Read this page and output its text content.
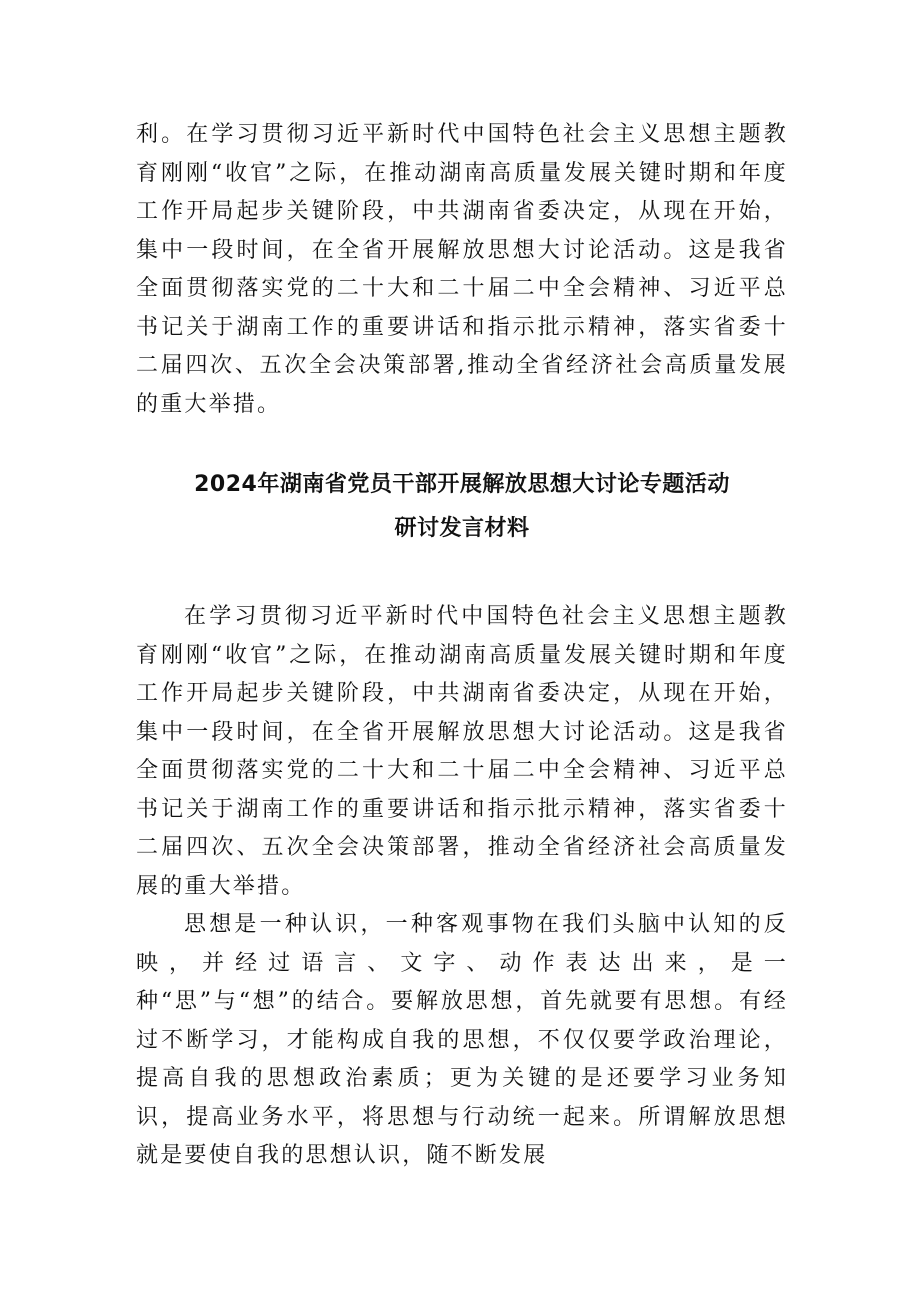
利。在学习贯彻习近平新时代中国特色社会主义思想主题教育刚刚“收官”之际，在推动湖南高质量发展关键时期和年度工作开局起步关键阶段，中共湖南省委决定，从现在开始，集中一段时间，在全省开展解放思想大讨论活动。这是我省全面贯彻落实党的二十大和二十届二中全会精神、习近平总书记关于湖南工作的重要讲话和指示批示精神，落实省委十二届四次、五次全会决策部署,推动全省经济社会高质量发展的重大举措。

2024年湖南省党员干部开展解放思想大讨论专题活动
研讨发言材料

在学习贯彻习近平新时代中国特色社会主义思想主题教育刚刚“收官”之际，在推动湖南高质量发展关键时期和年度工作开局起步关键阶段，中共湖南省委决定，从现在开始，集中一段时间，在全省开展解放思想大讨论活动。这是我省全面贯彻落实党的二十大和二十届二中全会精神、习近平总书记关于湖南工作的重要讲话和指示批示精神，落实省委十二届四次、五次全会决策部署，推动全省经济社会高质量发展的重大举措。

思想是一种认识，一种客观事物在我们头脑中认知的反映，并经过语言、文字、动作表达出来，是一种“思”与“想”的结合。要解放思想，首先就要有思想。有经过不断学习，才能构成自我的思想，不仅仅要学政治理论，提高自我的思想政治素质；更为关键的是还要学习业务知识，提高业务水平，将思想与行动统一起来。所谓解放思想就是要使自我的思想认识，随不断发展
